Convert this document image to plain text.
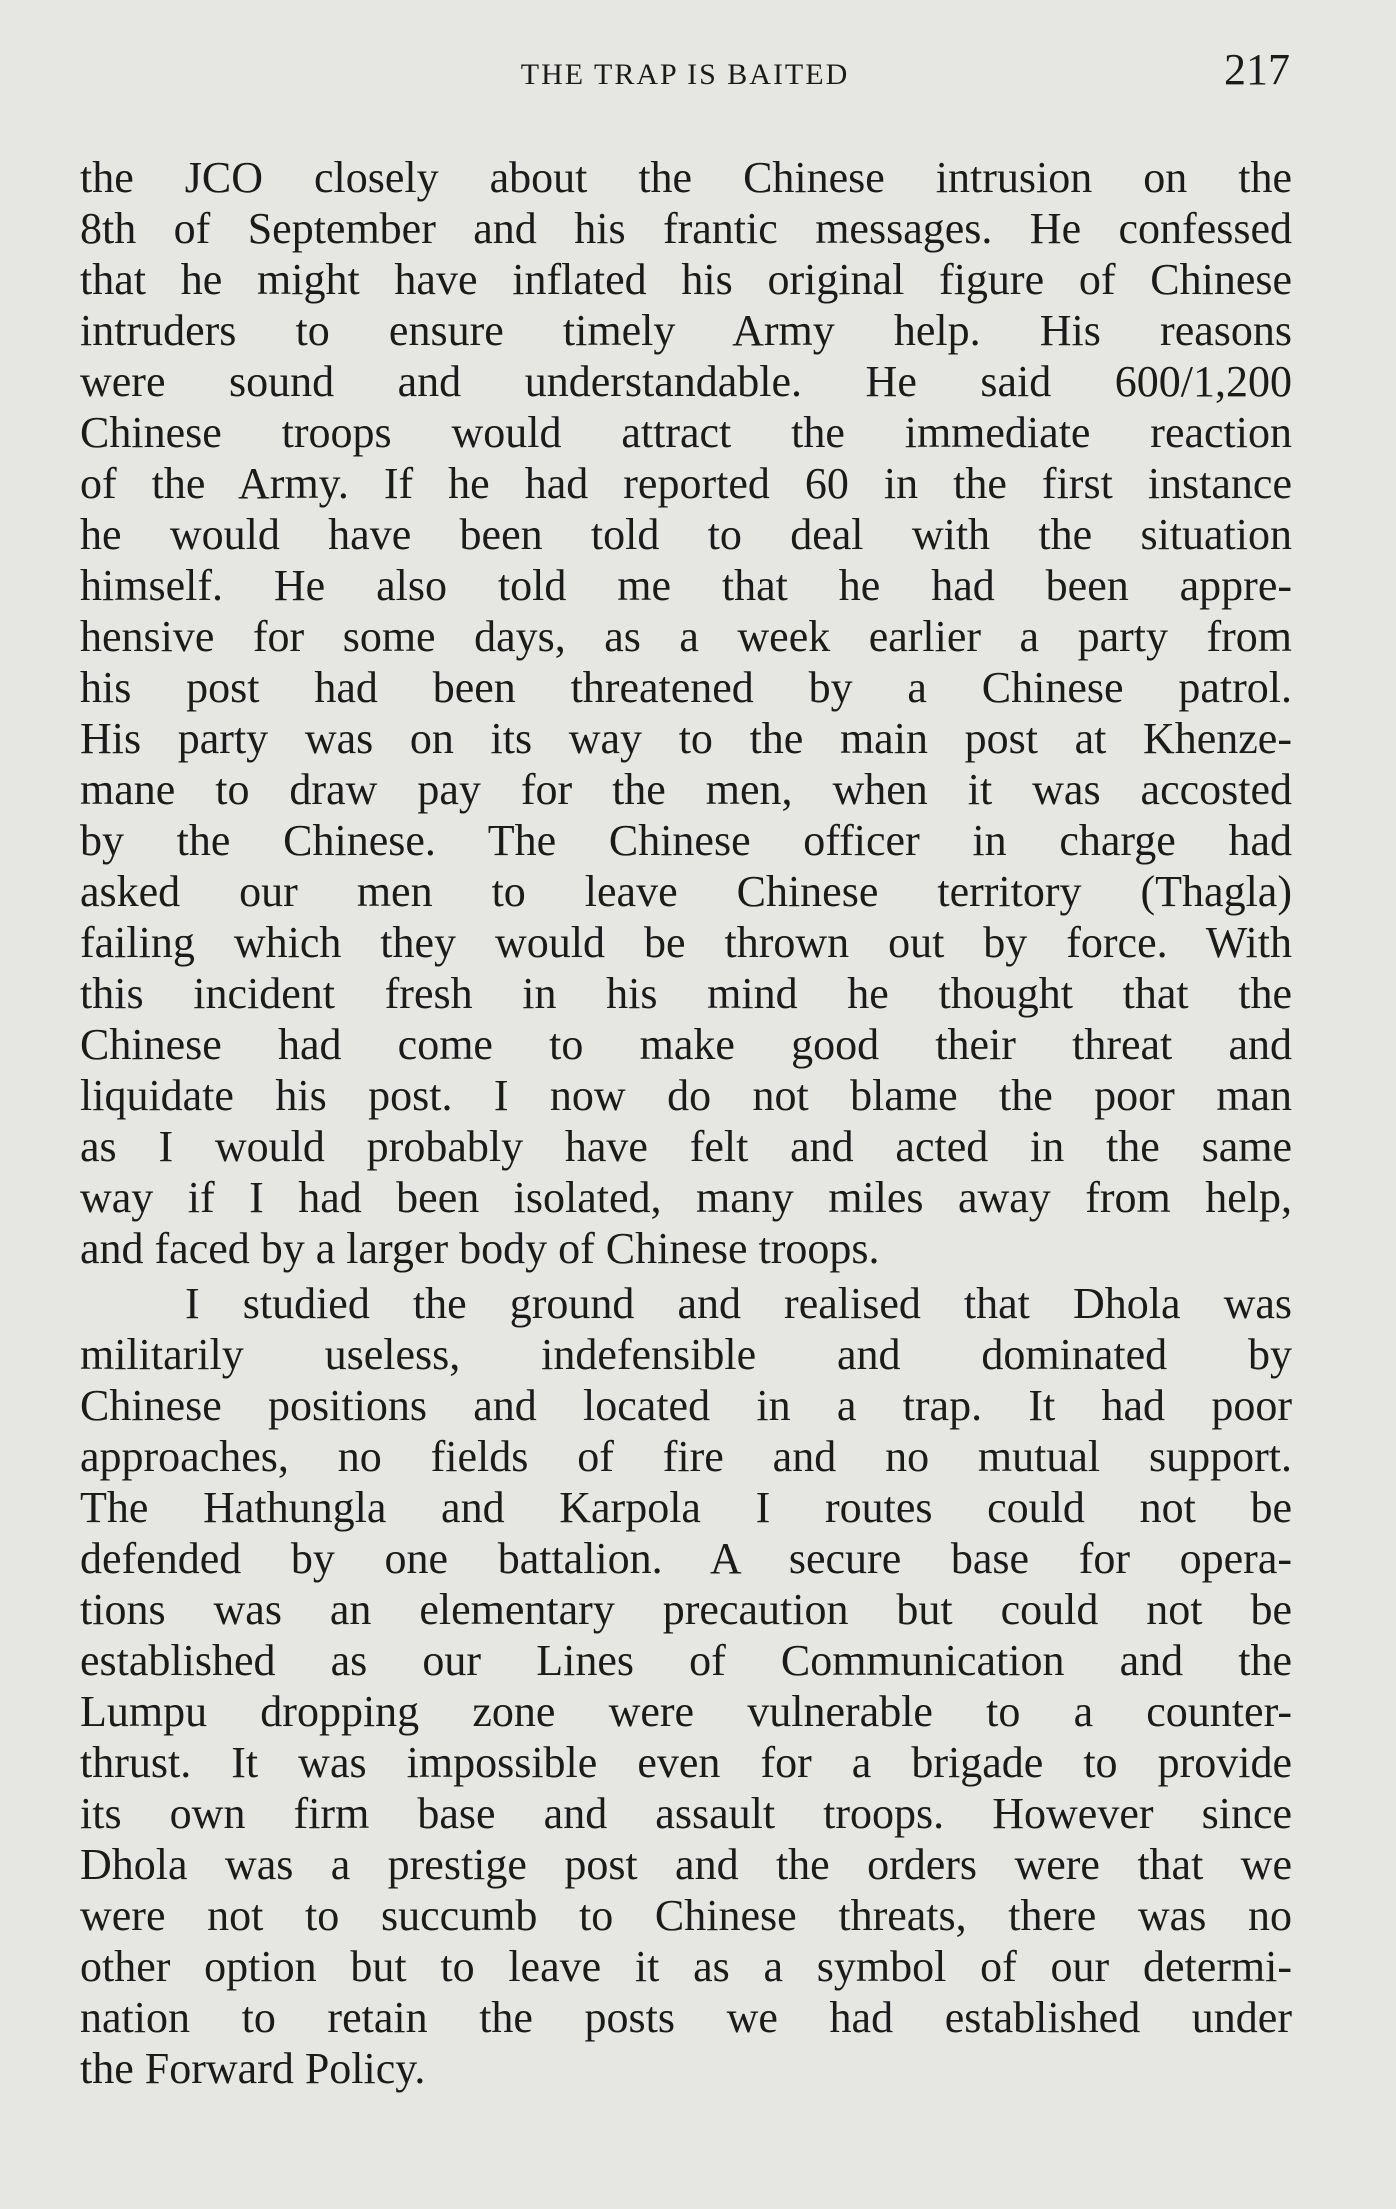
THE TRAP IS BAITED	217
the JCO closely about the Chinese intrusion on the
8th of September and his frantic messages. He confessed
that he might have inflated his original figure of Chinese
intruders to ensure timely Army help. His reasons
were sound and understandable. He said 600/1,200
Chinese troops would attract the immediate reaction
of the Army. If he had reported 60 in the first instance
he would have been told to deal with the situation
himself. He also told me that he had been appre-
hensive for some days, as a week earlier a party from
his post had been threatened by a Chinese patrol.
His party was on its way to the main post at Khenze-
mane to draw pay for the men, when it was accosted
by the Chinese. The Chinese officer in charge had
asked our men to leave Chinese territory (Thagla)
failing which they would be thrown out by force. With
this incident fresh in his mind he thought that the
Chinese had come to make good their threat and
liquidate his post. I now do not blame the poor man
as I would probably have felt and acted in the same
way if I had been isolated, many miles away from help,
and faced by a larger body of Chinese troops.
I studied the ground and realised that Dhola was
militarily useless, indefensible and dominated by
Chinese positions and located in a trap. It had poor
approaches, no fields of fire and no mutual support.
The Hathungla and Karpola I routes could not be
defended by one battalion. A secure base for opera-
tions was an elementary precaution but could not be
established as our Lines of Communication and the
Lumpu dropping zone were vulnerable to a counter-
thrust. It was impossible even for a brigade to provide
its own firm base and assault troops. However since
Dhola was a prestige post and the orders were that we
were not to succumb to Chinese threats, there was no
other option but to leave it as a symbol of our determi-
nation to retain the posts we had established under
the Forward Policy.
